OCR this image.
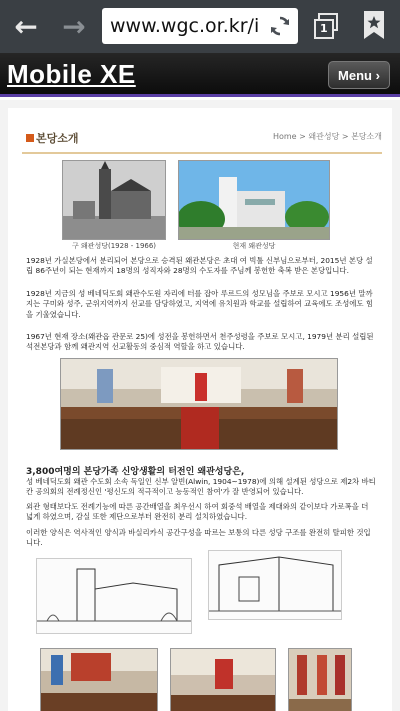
← →	www.wgc.or.kr/i	1
Mobile XE	Menu ›
본당소개	Home > 왜관성당 > 본당소개
구 왜관성당(1928 - 1966)	현재 왜관성당
1928년 가실본당에서 분리되어 본당으로 승격된 왜관본당은 초대 여 빅툴 신부님으로부터, 2015년 본당 설립 86주년이 되는 현재까지 18명의 성직자와 28명의 수도자를 주님께 봉헌한 축복 받은 본당입니다.
1928년 지금의 성 베네딕도회 왜관수도원 자리에 터를 잡아 루르드의 성모님을 주보로 모시고 1956년 말까지는 구미와 성주, 군위지역까지 선교를 담당하였고, 지역에 유치원과 학교를 설립하여 교육에도 조성에도 힘을 기울였습니다.
1967년 현재 장소(왜관읍 관문로 25)에 성전을 봉헌하면서 천주성령을 주보로 모시고, 1979년 분리 설립된 석전본당과 함께 왜관지역 선교활동의 중심적 역할을 하고 있습니다.
3,800여명의 본당가족 신앙생활의 터전인 왜관성당은,
성 베네딕도회 왜관 수도회 소속 독일인 신부 알빈(Alwin, 1904~1978)에 의해 설계된 성당으로 제2차 바티칸 공의회의 전례정신인 '평신도의 적극적이고 능동적인 참여'가 잘 반영되어 있습니다.
외관 형태보다도 전례기능에 따른 공간배열을 최우선시 하여 회중석 배열을 제대와의 같이보다 가로폭을 더 넓게 하였으며, 감실 또한 제단으로부터 완전히 분리 설치하였습니다.
이러한 양식은 역사적인 양식과 바실리카식 공간구성을 따르는 보통의 다른 성당 구조를 완전히 탈피한 것입니다.
